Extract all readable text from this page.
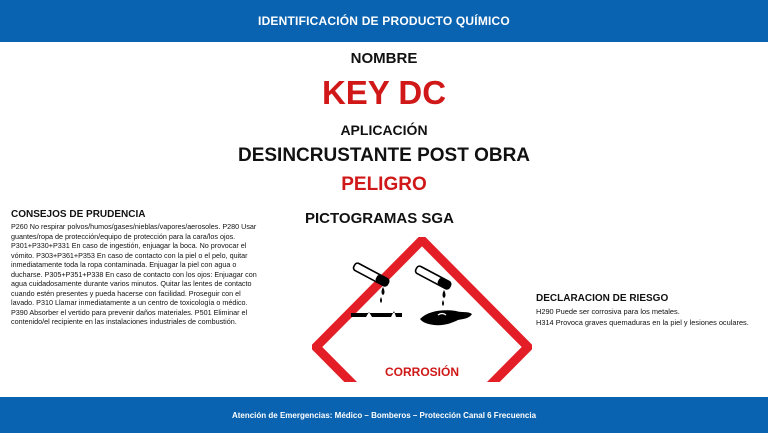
IDENTIFICACIÓN DE PRODUCTO QUÍMICO
NOMBRE
KEY DC
APLICACIÓN
DESINCRUSTANTE POST OBRA
PELIGRO
CONSEJOS DE PRUDENCIA
P260 No respirar polvos/humos/gases/nieblas/vapores/aerosoles. P280 Usar guantes/ropa de protección/equipo de protección para la cara/los ojos. P301+P330+P331 En caso de ingestión, enjuagar la boca. No provocar el vómito. P303+P361+P353 En caso de contacto con la piel o el pelo, quitar inmediatamente toda la ropa contaminada. Enjuagar la piel con agua o ducharse. P305+P351+P338 En caso de contacto con los ojos: Enjuagar con agua cuidadosamente durante varios minutos. Quitar las lentes de contacto cuando estén presentes y pueda hacerse con facilidad. Proseguir con el lavado. P310 Llamar inmediatamente a un centro de toxicología o médico. P390 Absorber el vertido para prevenir daños materiales. P501 Eliminar el contenido/el recipiente en las instalaciones industriales de combustión.
PICTOGRAMAS SGA
CORROSIÓN
DECLARACION DE RIESGO
H290 Puede ser corrosiva para los metales.
H314 Provoca graves quemaduras en la piel y lesiones oculares.
Atención de Emergencias: Médico – Bomberos – Protección Canal 6 Frecuencia
